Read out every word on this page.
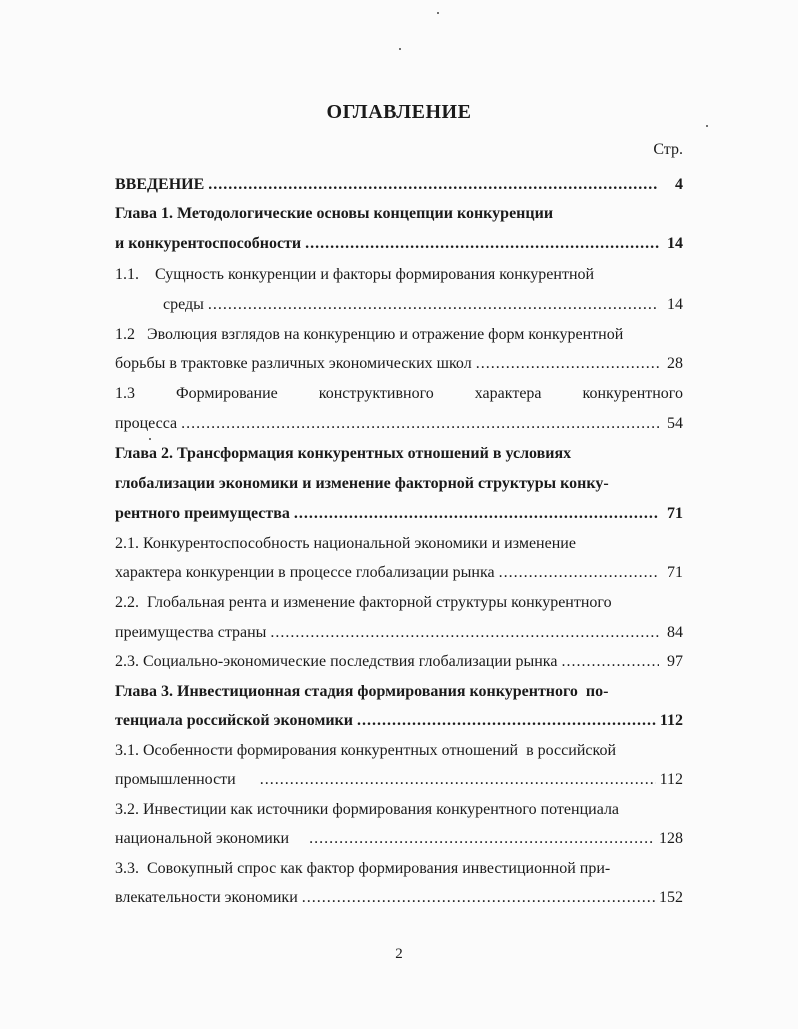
ОГЛАВЛЕНИЕ
Стр.
ВВЕДЕНИЕ .....	4
Глава 1. Методологические основы концепции конкуренции
и конкурентоспособности .....	14
1.1.    Сущность конкуренции и факторы формирования конкурентной
среды .....	14
1.2   Эволюция взглядов на конкуренцию и отражение форм конкурентной
борьбы в трактовке различных экономических школ .....	28
1.3	Формирование	конструктивного	характера	конкурентного
процесса .....	54
Глава 2. Трансформация конкурентных отношений в условиях
глобализации экономики и изменение факторной структуры конку-
рентного преимущества .....	71
2.1. Конкурентоспособность национальной экономики и изменение
характера конкуренции в процессе глобализации рынка .....	71
2.2.  Глобальная рента и изменение факторной структуры конкурентного
преимущества страны .....	84
2.3. Социально-экономические последствия глобализации рынка .....	97
Глава 3. Инвестиционная стадия формирования конкурентного  по-
тенциала российской экономики .....	112
3.1. Особенности формирования конкурентных отношений  в российской
промышленности .....	112
3.2. Инвестиции как источники формирования конкурентного потенциала
национальной экономики .....	128
3.3.  Совокупный спрос как фактор формирования инвестиционной при-
влекательности экономики .....	152
2
